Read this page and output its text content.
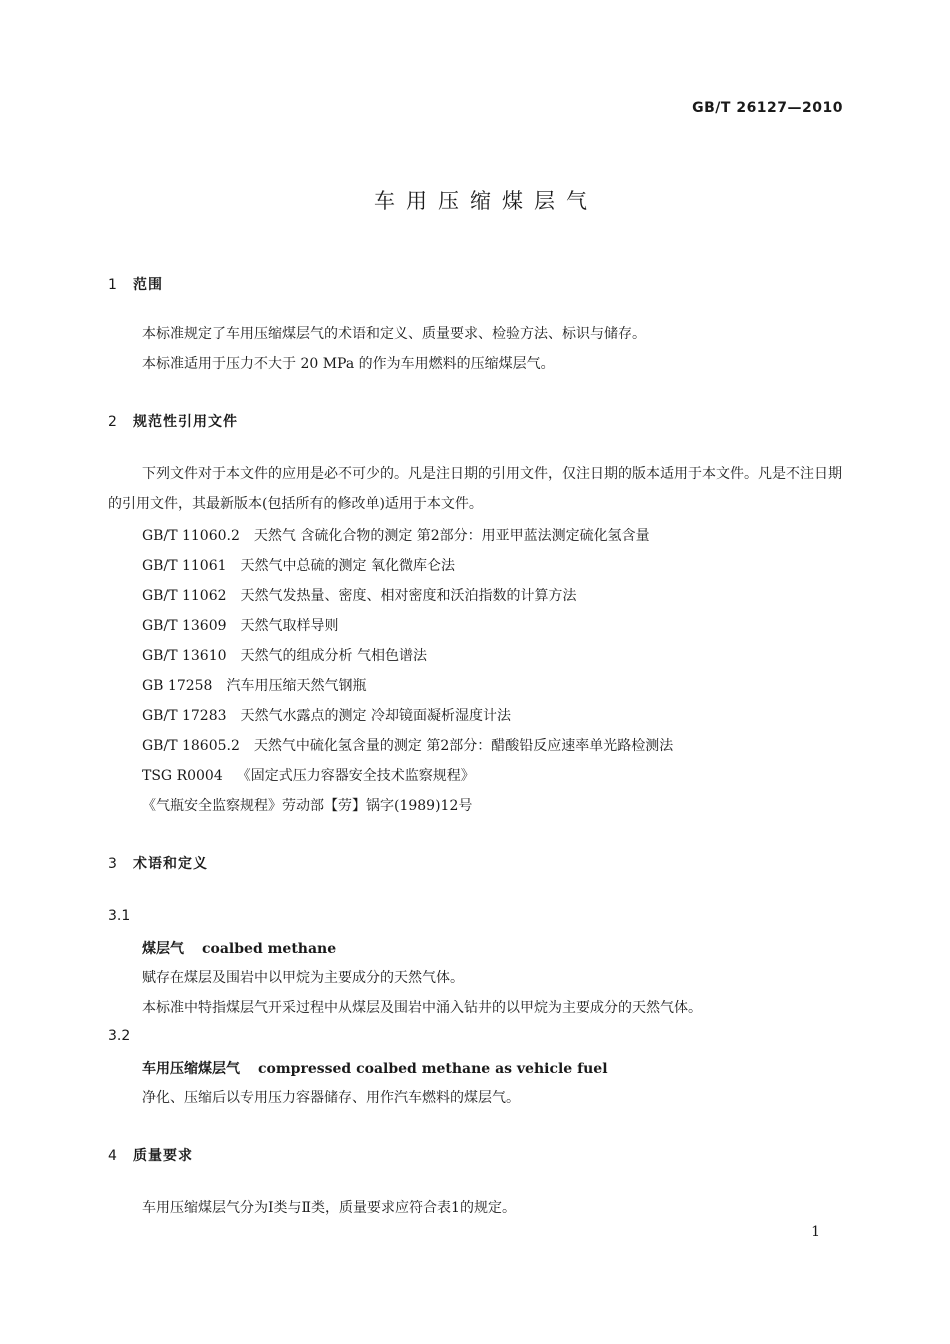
GB/T 26127—2010
车用压缩煤层气
1 范围
本标准规定了车用压缩煤层气的术语和定义、质量要求、检验方法、标识与储存。
本标准适用于压力不大于 20 MPa 的作为车用燃料的压缩煤层气。
2 规范性引用文件
下列文件对于本文件的应用是必不可少的。凡是注日期的引用文件，仅注日期的版本适用于本文件。凡是不注日期的引用文件，其最新版本(包括所有的修改单)适用于本文件。
GB/T 11060.2 天然气 含硫化合物的测定 第2部分：用亚甲蓝法测定硫化氢含量
GB/T 11061 天然气中总硫的测定 氧化微库仑法
GB/T 11062 天然气发热量、密度、相对密度和沃泊指数的计算方法
GB/T 13609 天然气取样导则
GB/T 13610 天然气的组成分析 气相色谱法
GB 17258 汽车用压缩天然气钢瓶
GB/T 17283 天然气水露点的测定 冷却镜面凝析湿度计法
GB/T 18605.2 天然气中硫化氢含量的测定 第2部分：醋酸铅反应速率单光路检测法
TSG R0004 《固定式压力容器安全技术监察规程》
《气瓶安全监察规程》劳动部【劳】锅字(1989)12号
3 术语和定义
3.1
煤层气 coalbed methane
赋存在煤层及围岩中以甲烷为主要成分的天然气体。
本标准中特指煤层气开采过程中从煤层及围岩中涌入钻井的以甲烷为主要成分的天然气体。
3.2
车用压缩煤层气 compressed coalbed methane as vehicle fuel
净化、压缩后以专用压力容器储存、用作汽车燃料的煤层气。
4 质量要求
车用压缩煤层气分为Ⅰ类与Ⅱ类，质量要求应符合表1的规定。
1
